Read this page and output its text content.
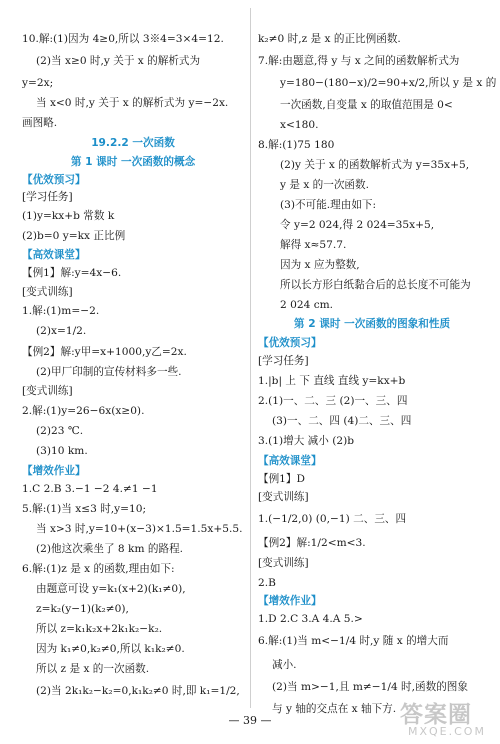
10.解:(1)因为 4≥0,所以 3※4=3×4=12.
(2)当 x≥0 时,y 关于 x 的解析式为
y=2x;
当 x<0 时,y 关于 x 的解析式为 y=−2x.
画图略.
19.2.2 一次函数
第 1 课时 一次函数的概念
【优效预习】
[学习任务]
(1)y=kx+b 常数 k
(2)b=0 y=kx 正比例
【高效课堂】
【例1】解:y=4x−6.
[变式训练]
1.解:(1)m=−2.
(2)x=1/2.
【例2】解:y甲=x+1000,y乙=2x.
(2)甲厂印制的宣传材料多一些.
[变式训练]
2.解:(1)y=26−6x(x≥0).
(2)23 ℃.
(3)10 km.
【增效作业】
1.C 2.B 3.−1 −2 4.≠1 −1
5.解:(1)当 x≤3 时,y=10;
当 x>3 时,y=10+(x−3)×1.5=1.5x+5.5.
(2)他这次乘坐了 8 km 的路程.
6.解:(1)z 是 x 的函数,理由如下:
由题意可设 y=k₁(x+2)(k₁≠0),
z=k₂(y−1)(k₂≠0),
所以 z=k₁k₂x+2k₁k₂−k₂.
因为 k₁≠0,k₂≠0,所以 k₁k₂≠0.
所以 z 是 x 的一次函数.
(2)当 2k₁k₂−k₂=0,k₁k₂≠0 时,即 k₁=1/2,
k₂≠0 时,z 是 x 的正比例函数.
7.解:由题意,得 y 与 x 之间的函数解析式为
y=180−(180−x)/2=90+x/2,所以 y 是 x 的
一次函数,自变量 x 的取值范围是 0<
x<180.
8.解:(1)75 180
(2)y 关于 x 的函数解析式为 y=35x+5,
y 是 x 的一次函数.
(3)不可能.理由如下:
令 y=2 024,得 2 024=35x+5,
解得 x≈57.7.
因为 x 应为整数,
所以长方形白纸黏合后的总长度不可能为
2 024 cm.
第 2 课时 一次函数的图象和性质
【优效预习】
[学习任务]
1.|b| 上 下 直线 直线 y=kx+b
2.(1)一、二、三 (2)一、三、四
(3)一、二、四 (4)二、三、四
3.(1)增大 减小 (2)b
【高效课堂】
【例1】D
[变式训练]
1.(−1/2,0) (0,−1) 二、三、四
【例2】解:1/2<m<3.
[变式训练]
2.B
【增效作业】
1.D 2.C 3.A 4.A 5.>
6.解:(1)当 m<−1/4 时,y 随 x 的增大而
减小.
(2)当 m>−1,且 m≠−1/4 时,函数的图象
与 y 轴的交点在 x 轴下方.
— 39 —	答案圈
MXQE.COM
